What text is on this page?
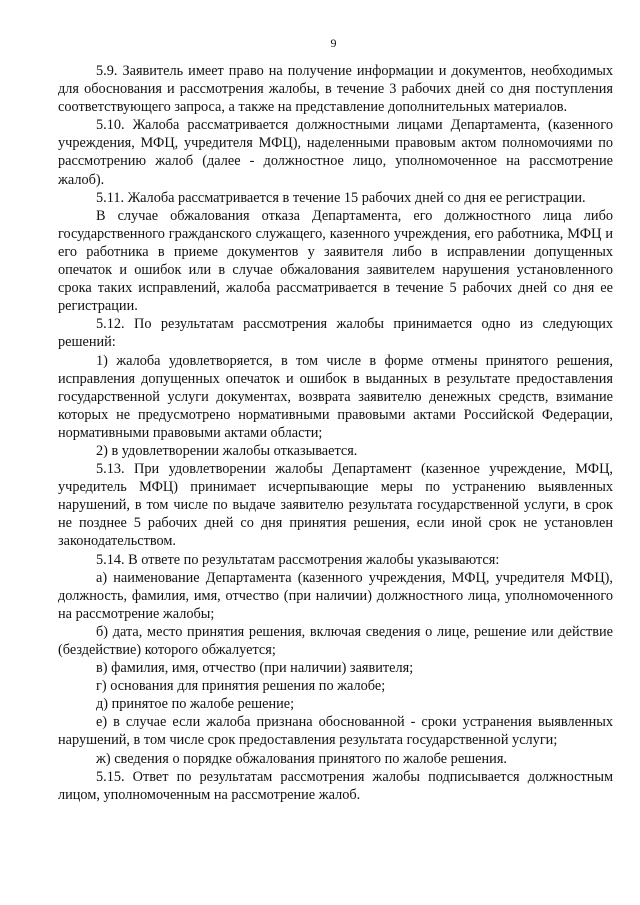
9

5.9. Заявитель имеет право на получение информации и документов, необходимых для обоснования и рассмотрения жалобы, в течение 3 рабочих дней со дня поступления соответствующего запроса, а также на представление дополнительных материалов.

5.10. Жалоба рассматривается должностными лицами Департамента, (казенного учреждения, МФЦ, учредителя МФЦ), наделенными правовым актом полномочиями по рассмотрению жалоб (далее - должностное лицо, уполномоченное на рассмотрение жалоб).

5.11. Жалоба рассматривается в течение 15 рабочих дней со дня ее регистрации.

В случае обжалования отказа Департамента, его должностного лица либо государственного гражданского служащего, казенного учреждения, его работника, МФЦ и его работника в приеме документов у заявителя либо в исправлении допущенных опечаток и ошибок или в случае обжалования заявителем нарушения установленного срока таких исправлений, жалоба рассматривается в течение 5 рабочих дней со дня ее регистрации.

5.12. По результатам рассмотрения жалобы принимается одно из следующих решений:

1) жалоба удовлетворяется, в том числе в форме отмены принятого решения, исправления допущенных опечаток и ошибок в выданных в результате предоставления государственной услуги документах, возврата заявителю денежных средств, взимание которых не предусмотрено нормативными правовыми актами Российской Федерации, нормативными правовыми актами области;

2) в удовлетворении жалобы отказывается.

5.13. При удовлетворении жалобы Департамент (казенное учреждение, МФЦ, учредитель МФЦ) принимает исчерпывающие меры по устранению выявленных нарушений, в том числе по выдаче заявителю результата государственной услуги, в срок не позднее 5 рабочих дней со дня принятия решения, если иной срок не установлен законодательством.

5.14. В ответе по результатам рассмотрения жалобы указываются:

а) наименование Департамента (казенного учреждения, МФЦ, учредителя МФЦ), должность, фамилия, имя, отчество (при наличии) должностного лица, уполномоченного на рассмотрение жалобы;

б) дата, место принятия решения, включая сведения о лице, решение или действие (бездействие) которого обжалуется;

в) фамилия, имя, отчество (при наличии) заявителя;

г) основания для принятия решения по жалобе;

д) принятое по жалобе решение;

е) в случае если жалоба признана обоснованной - сроки устранения выявленных нарушений, в том числе срок предоставления результата государственной услуги;

ж) сведения о порядке обжалования принятого по жалобе решения.

5.15. Ответ по результатам рассмотрения жалобы подписывается должностным лицом, уполномоченным на рассмотрение жалоб.
